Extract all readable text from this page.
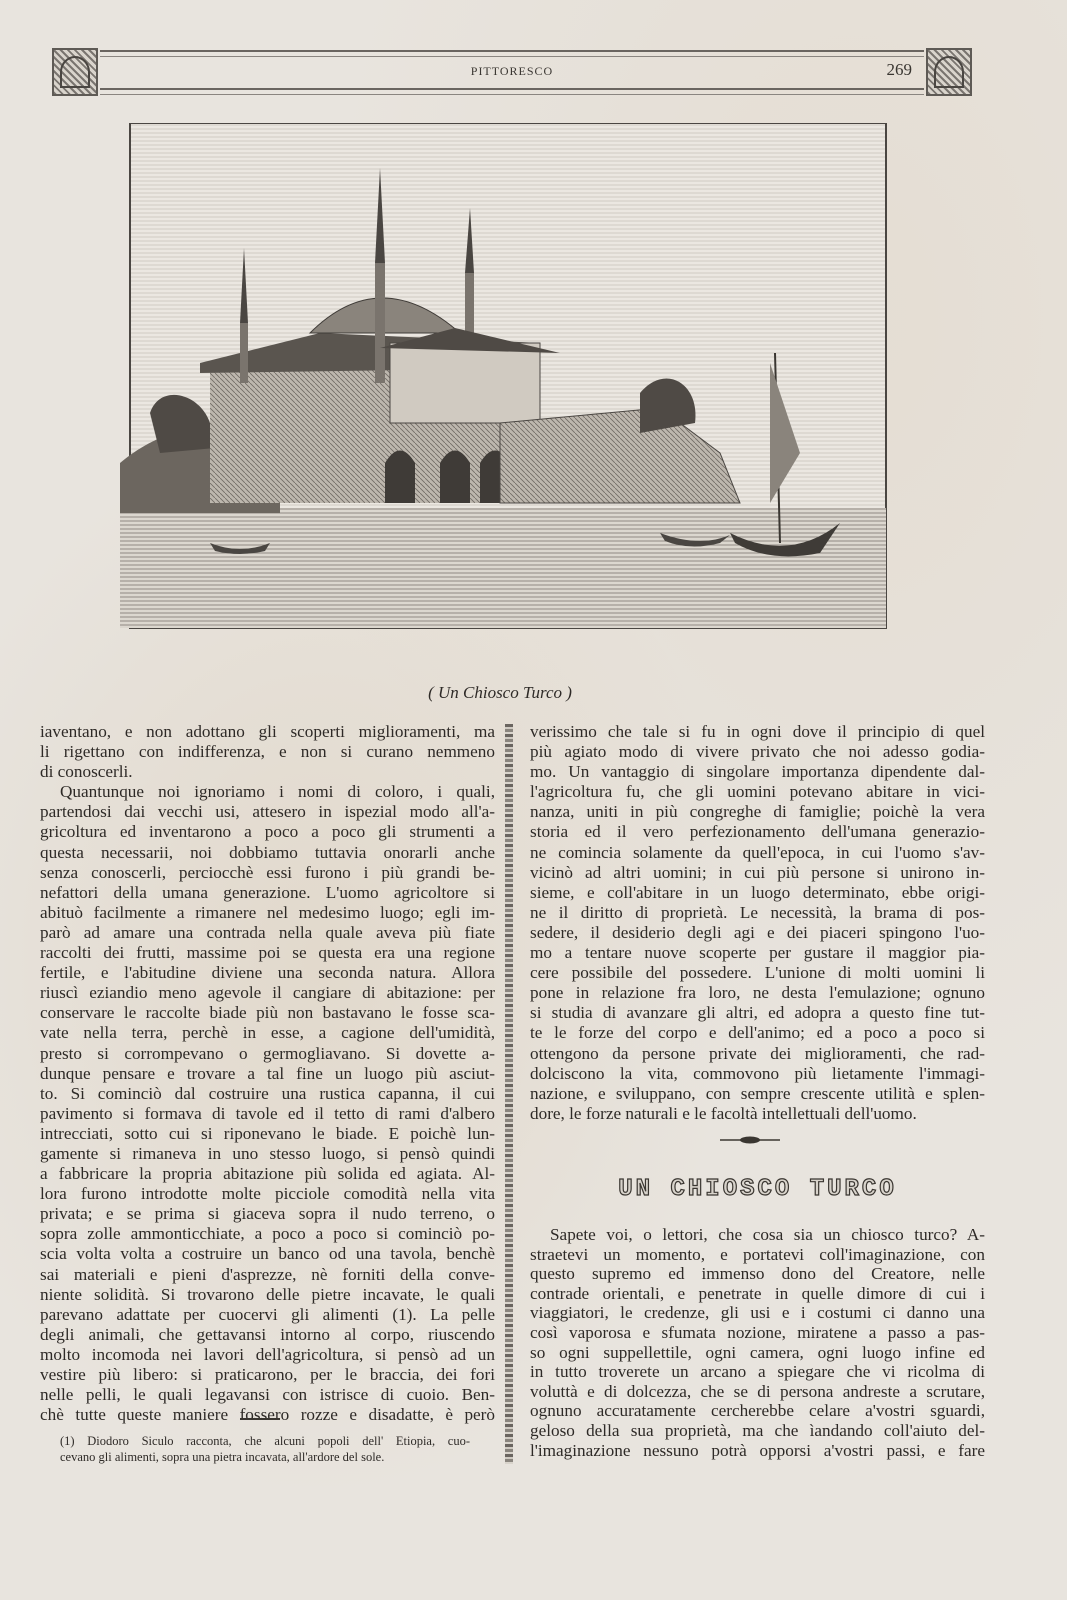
PITTORESCO	269
( Un Chiosco Turco )
iaventano, e non adottano gli scoperti miglioramenti, ma
li rigettano con indifferenza, e non si curano nemmeno
di conoscerli.
Quantunque noi ignoriamo i nomi di coloro, i quali,
partendosi dai vecchi usi, attesero in ispezial modo all'a-
gricoltura ed inventarono a poco a poco gli strumenti a
questa necessarii, noi dobbiamo tuttavia onorarli anche
senza conoscerli, perciocchè essi furono i più grandi be-
nefattori della umana generazione. L'uomo agricoltore si
abituò facilmente a rimanere nel medesimo luogo; egli im-
parò ad amare una contrada nella quale aveva più fiate
raccolti dei frutti, massime poi se questa era una regione
fertile, e l'abitudine diviene una seconda natura. Allora
riuscì eziandio meno agevole il cangiare di abitazione: per
conservare le raccolte biade più non bastavano le fosse sca-
vate nella terra, perchè in esse, a cagione dell'umidità,
presto si corrompevano o germogliavano. Si dovette a-
dunque pensare e trovare a tal fine un luogo più asciut-
to. Si cominciò dal costruire una rustica capanna, il cui
pavimento si formava di tavole ed il tetto di rami d'albero
intrecciati, sotto cui si riponevano le biade. E poichè lun-
gamente si rimaneva in uno stesso luogo, si pensò quindi
a fabbricare la propria abitazione più solida ed agiata. Al-
lora furono introdotte molte picciole comodità nella vita
privata; e se prima si giaceva sopra il nudo terreno, o
sopra zolle ammonticchiate, a poco a poco si cominciò po-
scia volta volta a costruire un banco od una tavola, benchè
sai materiali e pieni d'asprezze, nè forniti della conve-
niente solidità. Si trovarono delle pietre incavate, le quali
parevano adattate per cuocervi gli alimenti (1). La pelle
degli animali, che gettavansi intorno al corpo, riuscendo
molto incomoda nei lavori dell'agricoltura, si pensò ad un
vestire più libero: si praticarono, per le braccia, dei fori
nelle pelli, le quali legavansi con istrisce di cuoio. Ben-
chè tutte queste maniere fossero rozze e disadatte, è però
verissimo che tale si fu in ogni dove il principio di quel
più agiato modo di vivere privato che noi adesso godia-
mo. Un vantaggio di singolare importanza dipendente dal-
l'agricoltura fu, che gli uomini potevano abitare in vici-
nanza, uniti in più congreghe di famiglie; poichè la vera
storia ed il vero perfezionamento dell'umana generazio-
ne comincia solamente da quell'epoca, in cui l'uomo s'av-
vicinò ad altri uomini; in cui più persone si unirono in-
sieme, e coll'abitare in un luogo determinato, ebbe origi-
ne il diritto di proprietà. Le necessità, la brama di pos-
sedere, il desiderio degli agi e dei piaceri spingono l'uo-
mo a tentare nuove scoperte per gustare il maggior pia-
cere possibile del possedere. L'unione di molti uomini li
pone in relazione fra loro, ne desta l'emulazione; ognuno
si studia di avanzare gli altri, ed adopra a questo fine tut-
te le forze del corpo e dell'animo; ed a poco a poco si
ottengono da persone private dei miglioramenti, che rad-
dolciscono la vita, commovono più lietamente l'immagi-
nazione, e sviluppano, con sempre crescente utilità e splen-
dore, le forze naturali e le facoltà intellettuali dell'uomo.
UN CHIOSCO TURCO
Sapete voi, o lettori, che cosa sia un chiosco turco? A-
straetevi un momento, e portatevi coll'imaginazione, con
questo supremo ed immenso dono del Creatore, nelle
contrade orientali, e penetrate in quelle dimore di cui i
viaggiatori, le credenze, gli usi e i costumi ci danno una
così vaporosa e sfumata nozione, miratene a passo a pas-
so ogni suppellettile, ogni camera, ogni luogo infine ed
in tutto troverete un arcano a spiegare che vi ricolma di
voluttà e di dolcezza, che se di persona andreste a scrutare,
ognuno accuratamente cercherebbe celare a'vostri sguardi,
geloso della sua proprietà, ma che ìandando coll'aiuto del-
l'imaginazione nessuno potrà opporsi a'vostri passi, e fare
(1) Diodoro Siculo racconta, che alcuni popoli dell' Etiopia, cuo-
cevano gli alimenti, sopra una pietra incavata, all'ardore del sole.
